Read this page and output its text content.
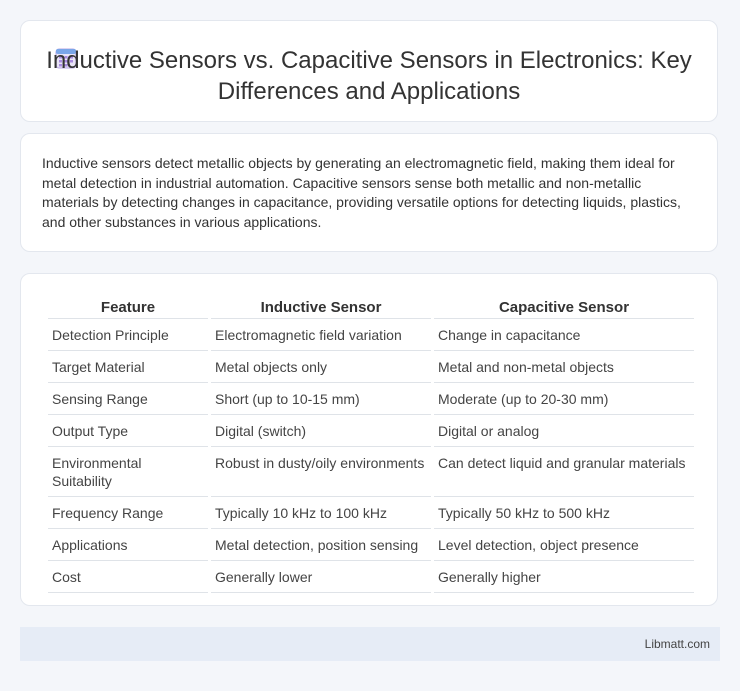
Inductive Sensors vs. Capacitive Sensors in Electronics: Key Differences and Applications

Inductive sensors detect metallic objects by generating an electromagnetic field, making them ideal for metal detection in industrial automation. Capacitive sensors sense both metallic and non-metallic materials by detecting changes in capacitance, providing versatile options for detecting liquids, plastics, and other substances in various applications.

Feature	Inductive Sensor	Capacitive Sensor
Detection Principle	Electromagnetic field variation	Change in capacitance
Target Material	Metal objects only	Metal and non-metal objects
Sensing Range	Short (up to 10-15 mm)	Moderate (up to 20-30 mm)
Output Type	Digital (switch)	Digital or analog
Environmental Suitability	Robust in dusty/oily environments	Can detect liquid and granular materials
Frequency Range	Typically 10 kHz to 100 kHz	Typically 50 kHz to 500 kHz
Applications	Metal detection, position sensing	Level detection, object presence
Cost	Generally lower	Generally higher
Libmatt.com
